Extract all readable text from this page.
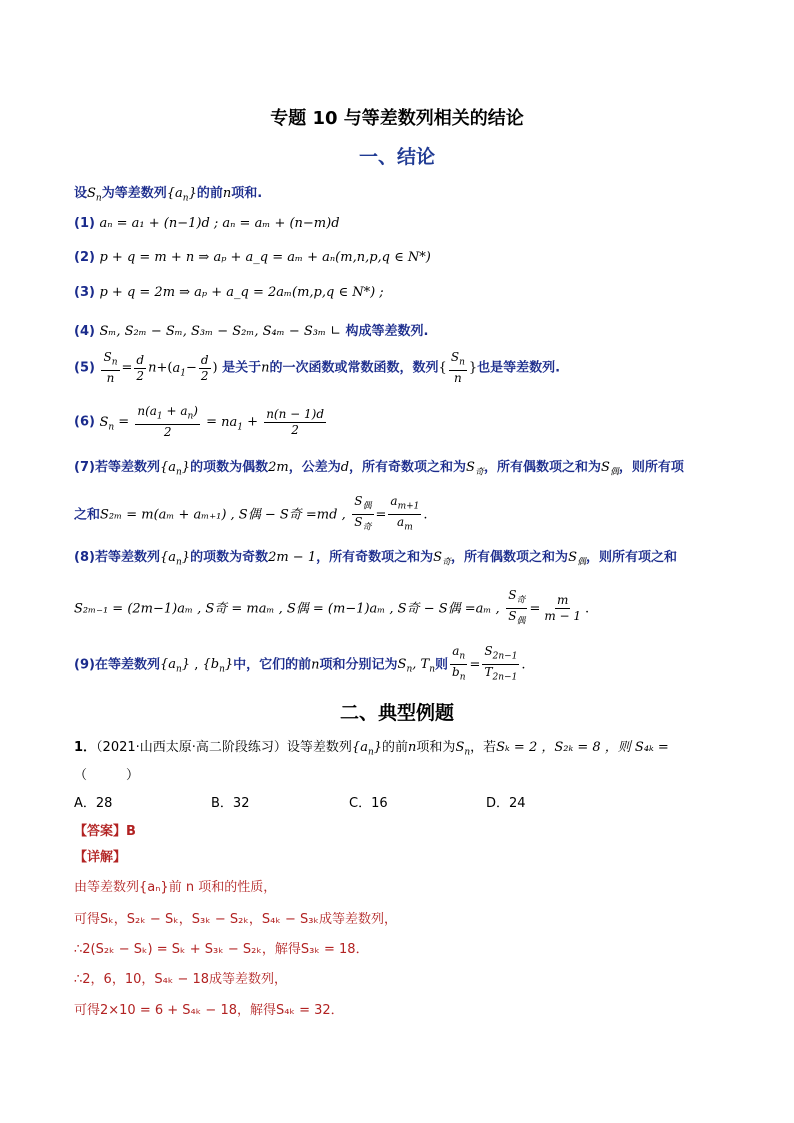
专题 10 与等差数列相关的结论
一、结论
设$S_n$为等差数列$\{a_n\}$的前n项和.
(1) aₙ = a₁ + (n−1)d ; aₙ = aₘ + (n−m)d
(2) p + q = m + n ⇒ aₚ + a_q = aₘ + aₙ(m,n,p,q ∈ N*)
(3) p + q = 2m ⇒ aₚ + a_q = 2aₘ(m,p,q ∈ N*) ;
(4) Sₘ, S₂ₘ − Sₘ, S₃ₘ − S₂ₘ, S₄ₘ − S₃ₘ ∟ 构成等差数列.
$(5) \frac{S_n}{n} = \frac{d}{2} n+(a_1- \frac{d}{2}$ ) 是关于n的一次函数或常数函数，数列{ $\frac{S_n}{n}$ }也是等差数列.
(6) $S_n = \frac{n(a_1 + a_n)}{2} = na_1 + \frac{n(n - 1)d}{2}$
(7)若等差数列$\{a_n\}$的项数为偶数2m，公差为d，所有奇数项之和为$S_奇$，所有偶数项之和为$S_偶$，则所有项
之和S₂ₘ = m(aₘ + aₘ₊₁) , S偶 − S奇 =md , $\frac{S_偶}{S_奇} = \frac{a_{m+1}}{a_m}$ .
(8)若等差数列$\{a_n\}$的项数为奇数2m − 1，所有奇数项之和为$S_奇$，所有偶数项之和为$S_偶$，则所有项之和
S₂ₘ₋₁ = (2m−1)aₘ , S奇 = maₘ , S偶 = (m−1)aₘ , S奇 − S偶 =aₘ , $\frac{S_奇}{S_偶} = \frac{m}{m - 1}$ .
(9)在等差数列$\{a_n\}$ , $\{b_n\}$中，它们的前n项和分别记为$S_n$, $T_n$则 $\frac{a_n}{b_n} = \frac{S_{2n-1}}{T_{2n-1}}$ .
二、典型例题
1．（2021·山西太原·高二阶段练习）设等差数列$\{a_n\}$的前n项和为$S_n$，若Sₖ = 2 ，S₂ₖ = 8 ，则 S₄ₖ =
（　　　）
A．28	B．32	C．16	D．24
【答案】B
【详解】
由等差数列{aₙ}前 n 项和的性质，
可得Sₖ，S₂ₖ − Sₖ，S₃ₖ − S₂ₖ，S₄ₖ − S₃ₖ成等差数列，
∴2(S₂ₖ − Sₖ) = Sₖ + S₃ₖ − S₂ₖ，解得S₃ₖ = 18．
∴2，6，10，S₄ₖ − 18成等差数列，
可得2×10 = 6 + S₄ₖ − 18，解得S₄ₖ = 32．
